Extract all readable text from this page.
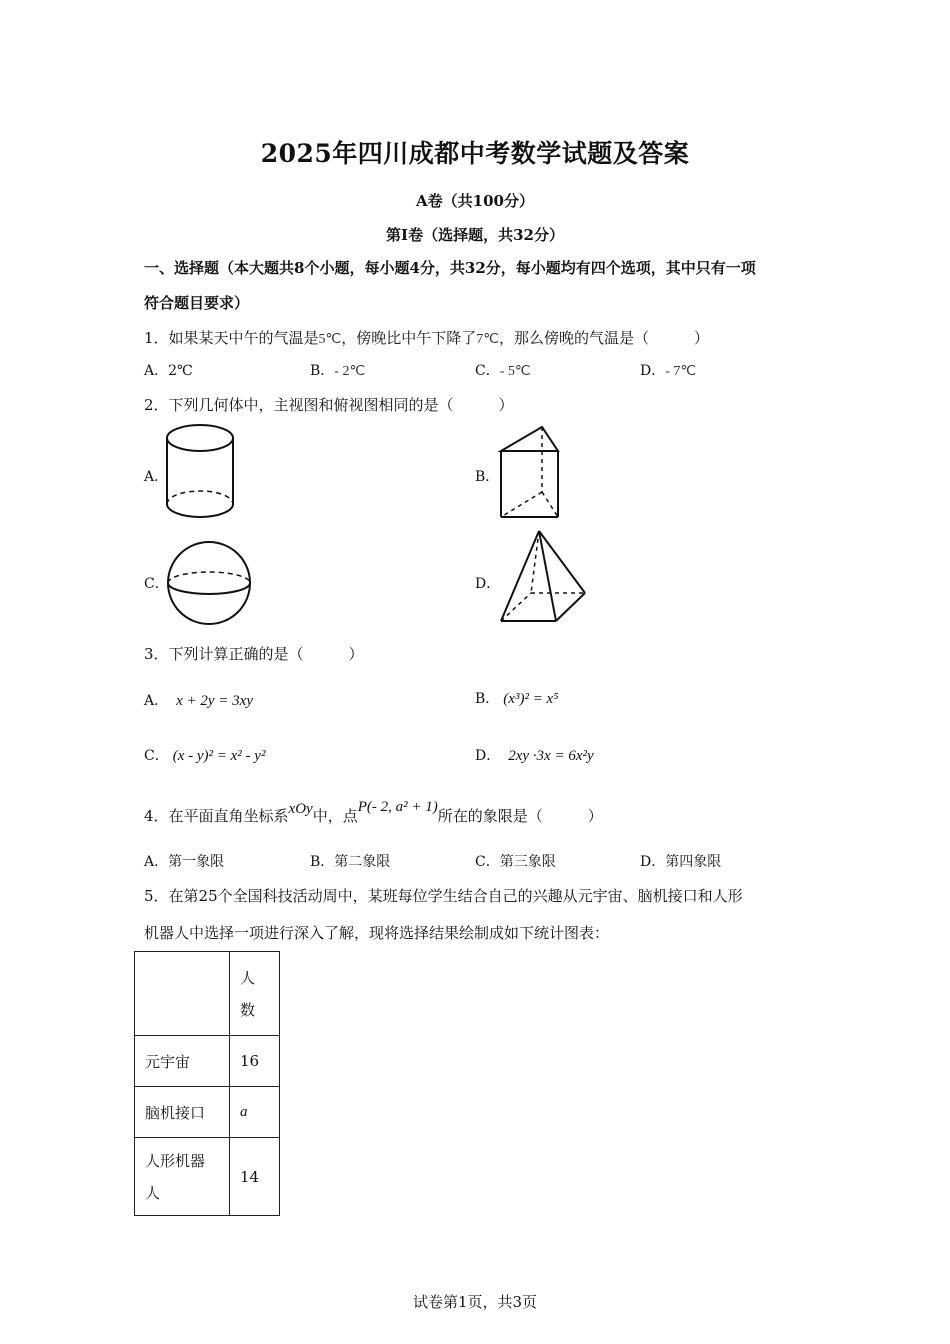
2025年四川成都中考数学试题及答案
A卷（共100分）
第Ⅰ卷（选择题，共32分）
一、选择题（本大题共8个小题，每小题4分，共32分，每小题均有四个选项，其中只有一项
符合题目要求）
1．如果某天中午的气温是5℃，傍晚比中午下降了7℃，那么傍晚的气温是（　　　）
A．2℃	B．- 2℃	C．- 5℃	D．- 7℃
2．下列几何体中，主视图和俯视图相同的是（　　　）
A．	B．
C．	D．
3．下列计算正确的是（　　　）
A． x + 2y = 3xy	B． (x³)² = x⁵
C． (x - y)² = x² - y²	D． 2xy ·3x = 6x²y
4．在平面直角坐标系xOy中，点P(- 2, a² + 1)所在的象限是（　　　）
A．第一象限	B．第二象限	C．第三象限	D．第四象限
5．在第25个全国科技活动周中，某班每位学生结合自己的兴趣从元宇宙、脑机接口和人形
机器人中选择一项进行深入了解，现将选择结果绘制成如下统计图表：
	人数
元宇宙	16
脑机接口	a
人形机器人	14
试卷第1页，共3页
